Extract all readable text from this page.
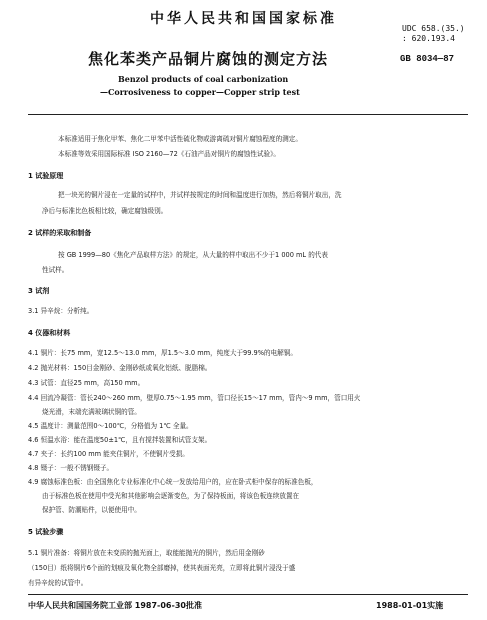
中华人民共和国国家标准
UDC 658.(35.)
: 620.193.4
焦化苯类产品铜片腐蚀的测定方法	GB 8034—87
Benzol products of coal carbonization
—Corrosiveness to copper—Copper strip test
本标准适用于焦化甲苯、焦化二甲苯中活性硫化物或游离硫对铜片腐蚀程度的测定。
本标准等效采用国际标准 ISO 2160—72《石油产品对铜片的腐蚀性试验》。
1 试验原理
把一块光的铜片浸在一定量的试样中，并试样按规定的时间和温度进行加热，然后将铜片取出，洗
净后与标准比色板相比较，确定腐蚀级别。
2 试样的采取和制备
按 GB 1999—80《焦化产品取样方法》的规定，从大量的样中取出不少于1 000 mL 的代表
性试样。
3 试剂
3.1 异辛烷：分析纯。
4 仪器和材料
4.1 铜片：长75 mm，宽12.5～13.0 mm，厚1.5～3.0 mm，纯度大于99.9%的电解铜。
4.2 抛光材料：150目金刚砂、金刚砂纸或氧化铝纸、脱脂棉。
4.3 试管：直径25 mm，高150 mm。
4.4 回流冷凝管：管长240～260 mm，壁厚0.75～1.95 mm，管口径长15～17 mm，管内～9 mm，管口用火
烧光滑，末端充满玻璃状铜的管。
4.5 温度计：测量范围0～100℃，分格值为 1℃ 全量。
4.6 恒温水浴：能在温度50±1℃，且有搅拌装置和试管支架。
4.7 夹子：长约100 mm 能夹住铜片，不使铜片受损。
4.8 镊子：一般不锈钢镊子。
4.9 腐蚀标准色板：由全国焦化专业标准化中心统一发放给用户的，应在卧式柜中保存的标准色板，
由于标准色板在使用中受光和其他影响会逐渐变色，为了保持板面，将该色板连续放置在
保护管、防潮贴件，以便使用中。
5 试验步骤
5.1 铜片准备：将铜片放在未变质的抛光面上，取能能抛光的铜片，然后用金刚砂
（150目）纸将铜片6个面的划痕及氧化物全部磨掉，使其表面光亮，立即将此铜片浸没于盛
有异辛烷的试管中。
中华人民共和国国务院工业部 1987-06-30批准	1988-01-01实施
